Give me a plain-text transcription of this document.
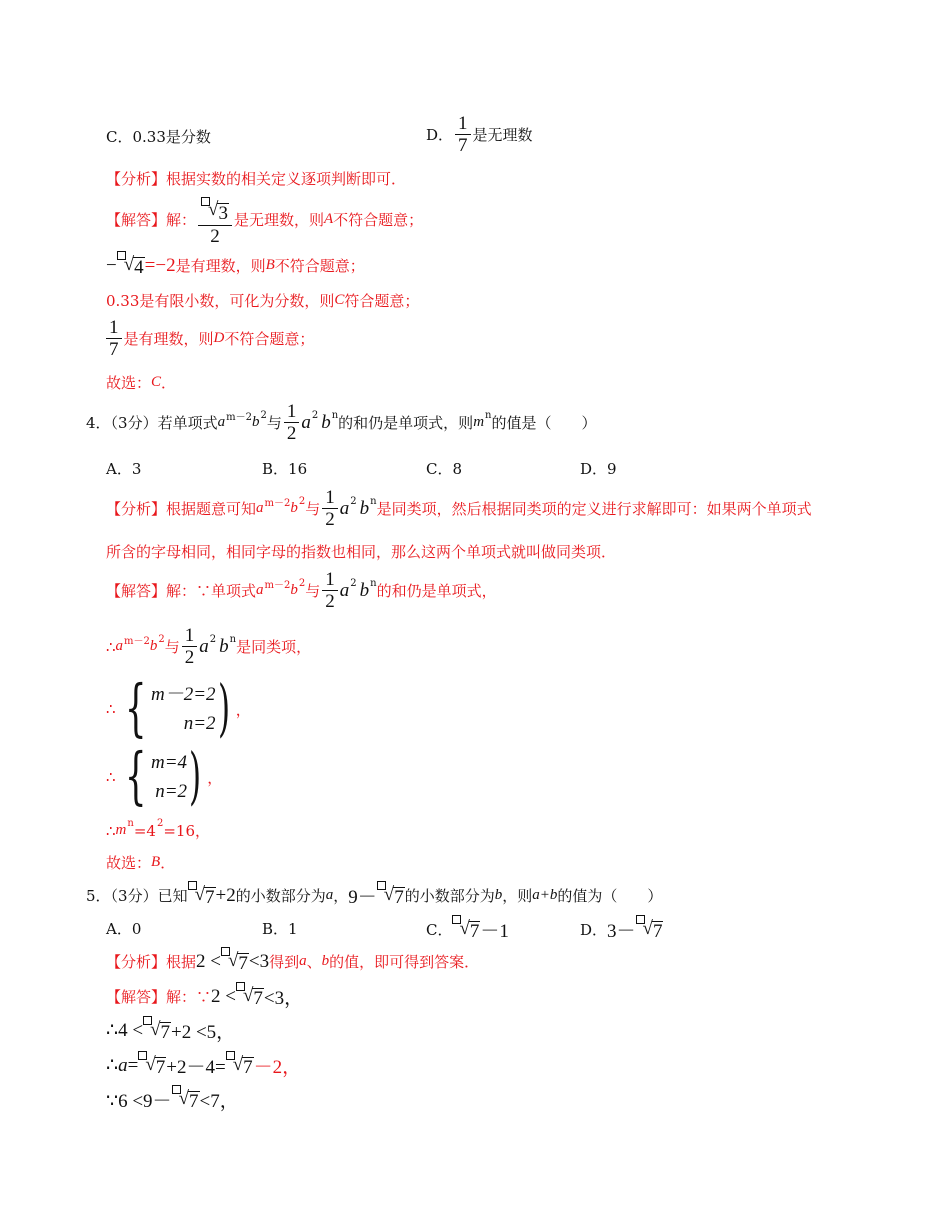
C．0.33是分数	D． $\frac{1}{7}$ 是无理数
【分析】根据实数的相关定义逐项判断即可．
【解答】解： $\frac{√ 3}{2}$ 是无理数，则 A 不符合题意；
− √ 4 =−2 是有理数，则 B 不符合题意；
0.33是有限小数，可化为分数，则 C 符合题意；
$\frac{1}{7}$ 是有理数，则 D 不符合题意；
故选： C ．
4．（3分）若单项式 a m－2 b 2 与 $\frac{1}{2}$ a 2 b n 的和仍是单项式，则 m n 的值是（　　）
A．3	B．16	C．8	D．9
【分析】根据题意可知 a m－2 b 2 与 $\frac{1}{2}$ a 2 b n 是同类项，然后根据同类项的定义进行求解即可：如果两个单项式
所含的字母相同，相同字母的指数也相同，那么这两个单项式就叫做同类项．
【解答】解：∵单项式 a m－2 b 2 与 $\frac{1}{2}$ a 2 b n 的和仍是单项式，
∴ a m－2 b 2 与 $\frac{1}{2}$ a 2 b n 是同类项，
∴ { m－2=2
n=2 ) ，
∴ { m=4
n=2 ) ，
∴ m n =4 2 =16，
故选： B ．
5．（3分）已知 √ 7 +2 的小数部分为 a ， 9－ √ 7 的小数部分为 b ，则 a+b 的值为（　　）
A．0	B．1	C． √ 7 －1	D． 3－ √ 7
【分析】根据 2 < √ 7 <3 得到 a 、 b 的值，即可得到答案．
【解答】解：∵ 2 < √ 7 <3，
∴4 < √ 7 +2 <5，
∴ a = √ 7 +2－4= √ 7 －2，
∵6 <9－ √ 7 <7，
